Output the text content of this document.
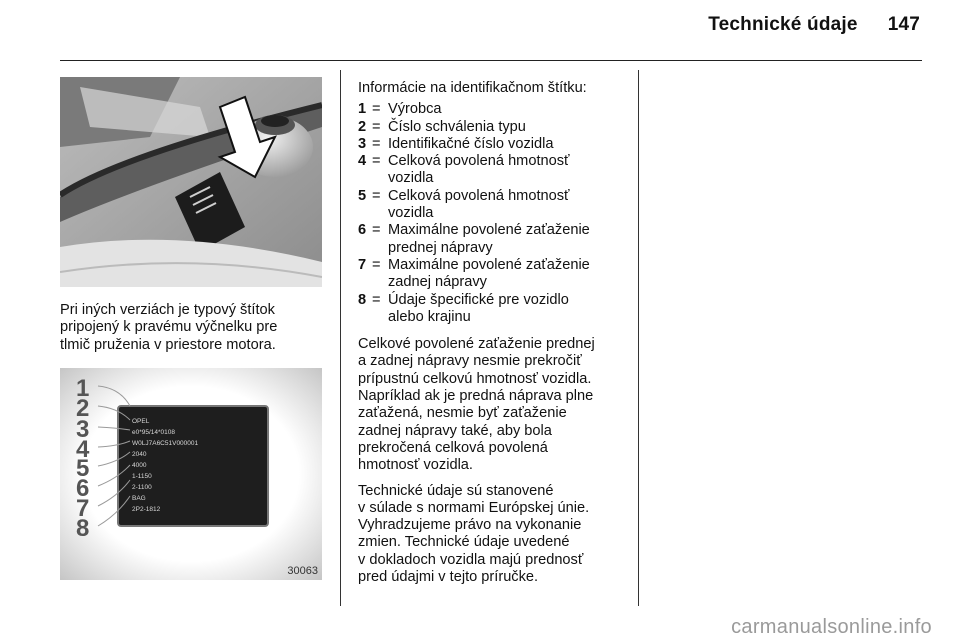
Technické údaje 147

Pri iných verziách je typový štítok

pripojený k pravému výčnelku pre

tlmič pruženia v priestore motora.

OPEL
e0*95/14*0108
W0LJ7A6C51V000001
2040
4000
1-1150
2-1100
BAG
2P2-1812
1
2
3
4
5
6
7
8
30063

Informácie na identifikačnom štítku:

1 = Výrobca
2 = Číslo schválenia typu
3 = Identifikačné číslo vozidla
4 = Celková povolená hmotnosť
vozidla
5 = Celková povolená hmotnosť
vozidla
6 = Maximálne povolené zaťaženie
prednej nápravy
7 = Maximálne povolené zaťaženie
zadnej nápravy
8 = Údaje špecifické pre vozidlo
alebo krajinu

Celkové povolené zaťaženie prednej
a zadnej nápravy nesmie prekročiť
prípustnú celkovú hmotnosť vozidla.
Napríklad ak je predná náprava plne
zaťažená, nesmie byť zaťaženie
zadnej nápravy také, aby bola
prekročená celková povolená
hmotnosť vozidla.

Technické údaje sú stanovené
v súlade s normami Európskej únie.
Vyhradzujeme právo na vykonanie
zmien. Technické údaje uvedené
v dokladoch vozidla majú prednosť
pred údajmi v tejto príručke.

carmanualsonline.info
